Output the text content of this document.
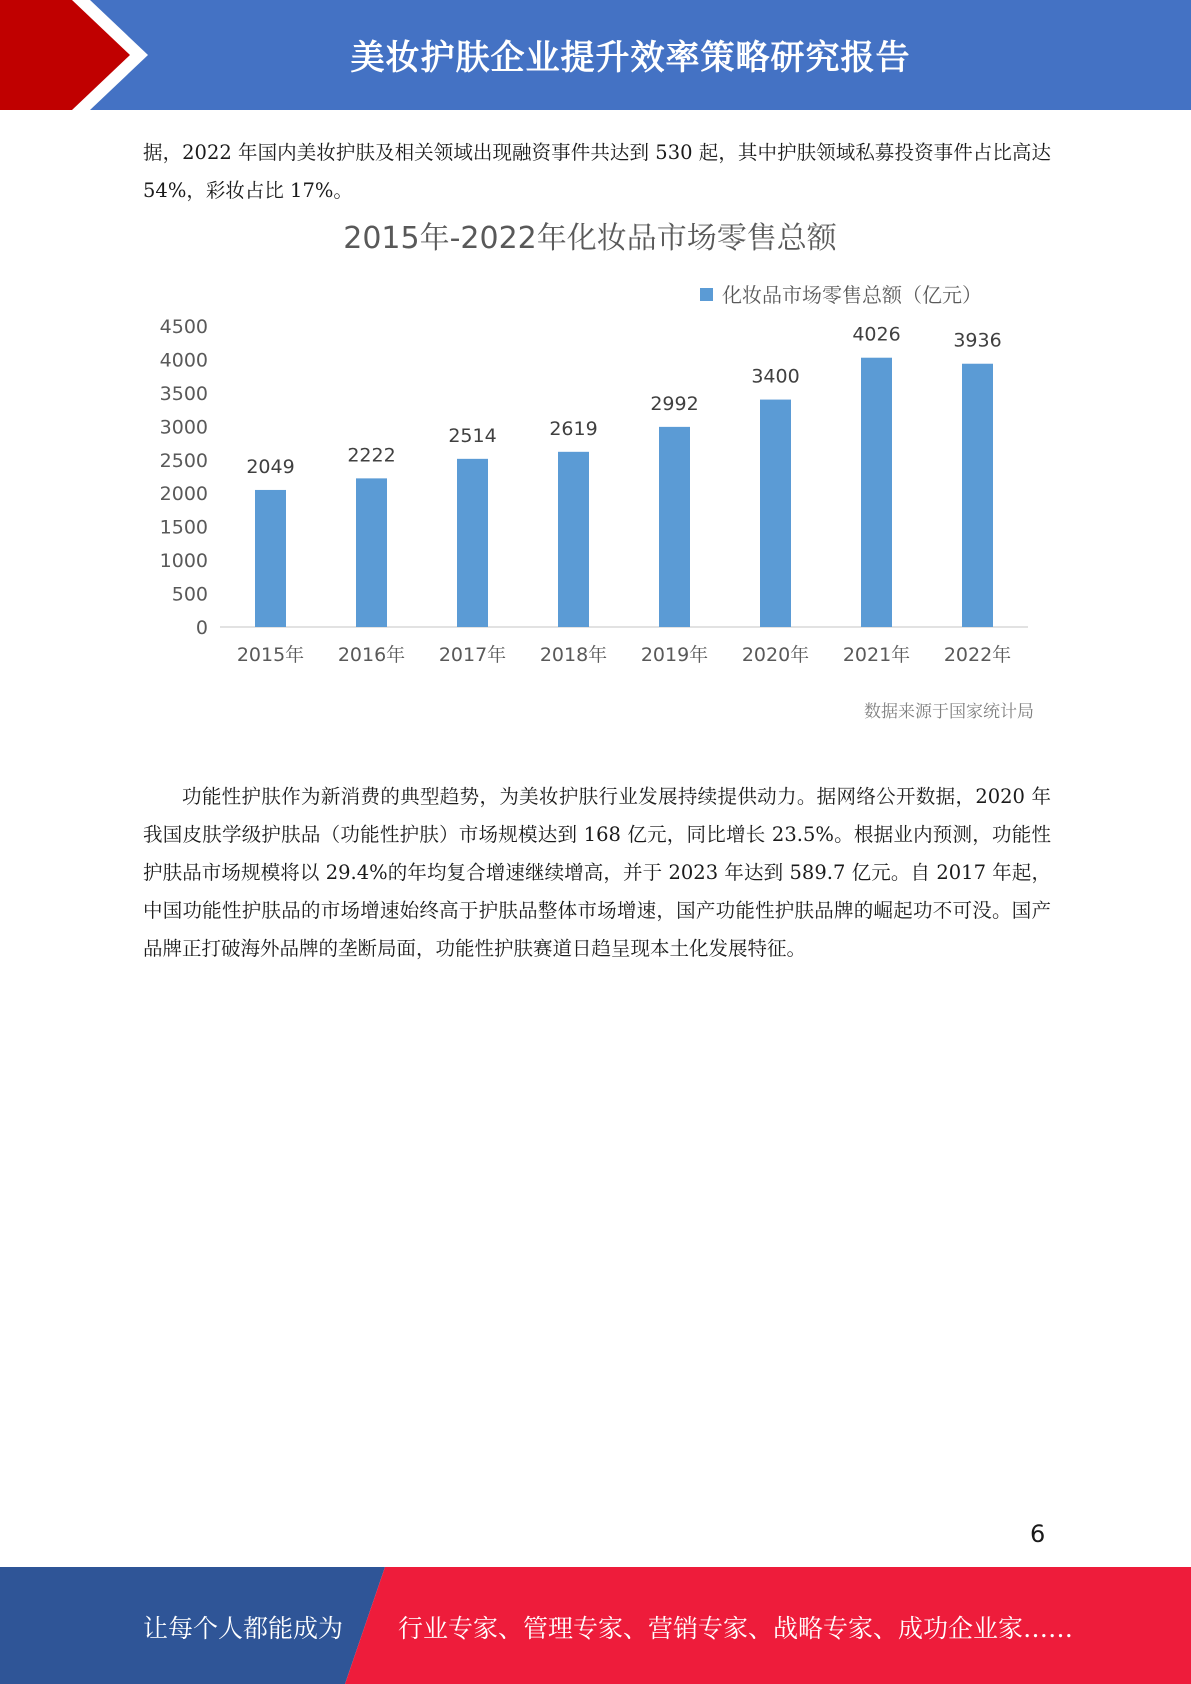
美妆护肤企业提升效率策略研究报告
据，2022 年国内美妆护肤及相关领域出现融资事件共达到 530 起，其中护肤领域私募投资事件占比高达 54%，彩妆占比 17%。
2015年-2022年化妆品市场零售总额
化妆品市场零售总额（亿元）
0
500
1000
1500
2000
2500
3000
3500
4000
4500
2049
2222
2514	2619
2992
3400
4026	3936
2015年 2016年 2017年 2018年 2019年 2020年 2021年 2022年
数据来源于国家统计局
功能性护肤作为新消费的典型趋势，为美妆护肤行业发展持续提供动力。据网络公开数据，2020 年我国皮肤学级护肤品（功能性护肤）市场规模达到 168 亿元，同比增长 23.5%。根据业内预测，功能性护肤品市场规模将以 29.4%的年均复合增速继续增高，并于 2023 年达到 589.7 亿元。自 2017 年起，中国功能性护肤品的市场增速始终高于护肤品整体市场增速，国产功能性护肤品牌的崛起功不可没。国产品牌正打破海外品牌的垄断局面，功能性护肤赛道日趋呈现本土化发展特征。
6
让每个人都能成为 行业专家、管理专家、营销专家、战略专家、成功企业家……
